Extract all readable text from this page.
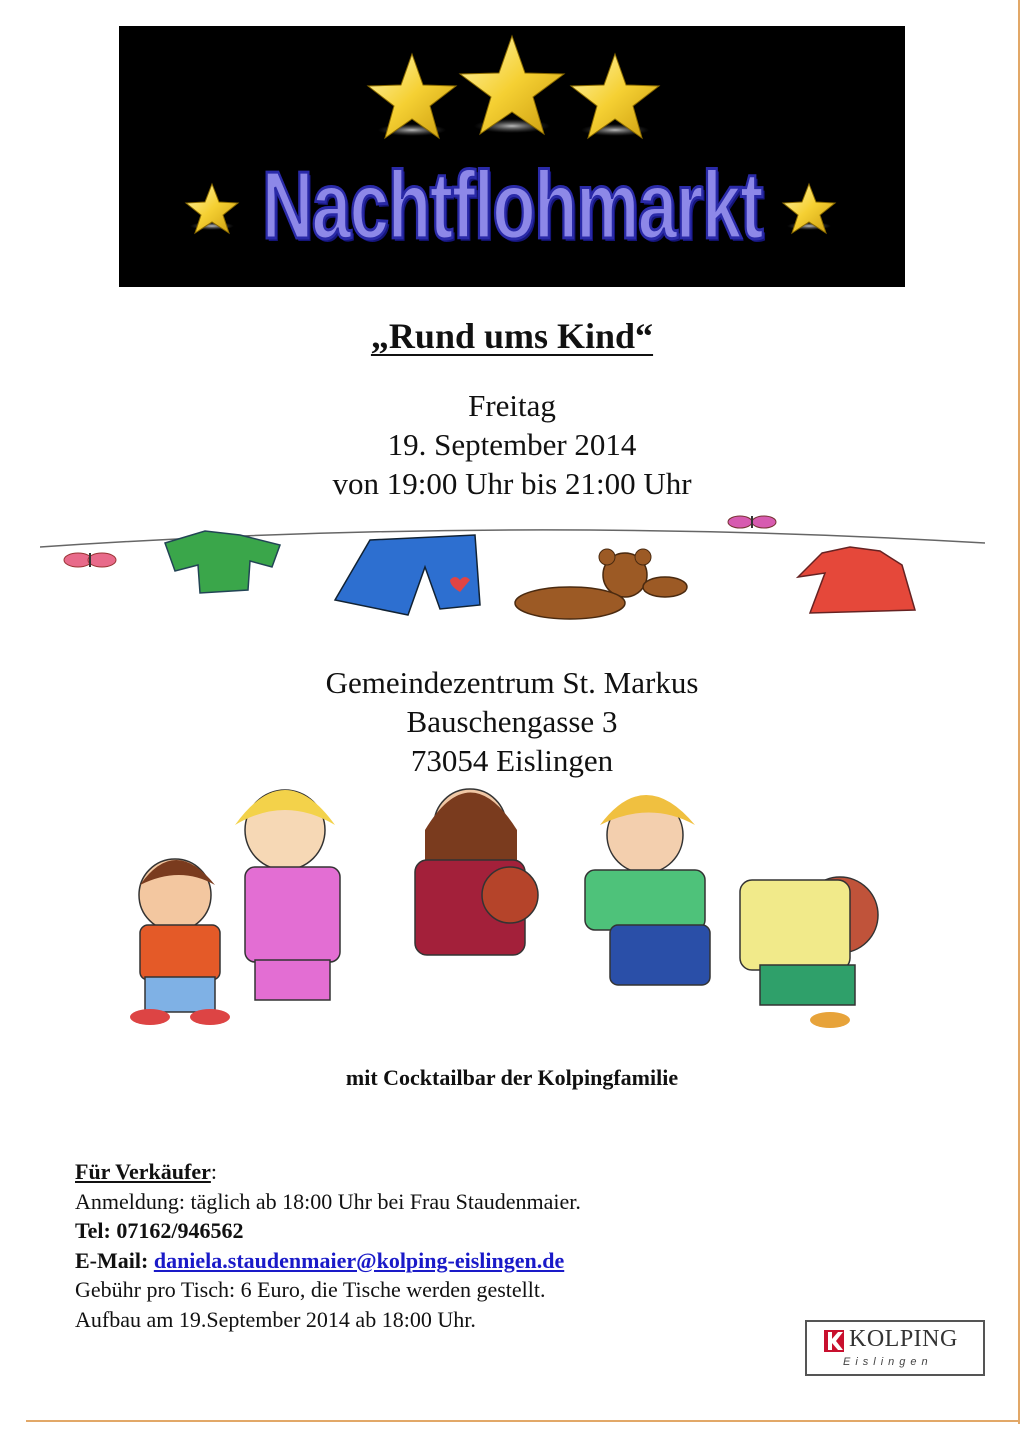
Nachtflohmarkt
„Rund ums Kind“
Freitag
19. September 2014
von 19:00 Uhr bis 21:00 Uhr
Gemeindezentrum St. Markus
Bauschengasse 3
73054 Eislingen
mit Cocktailbar der Kolpingfamilie
Für Verkäufer:
Anmeldung: täglich ab 18:00 Uhr bei Frau Staudenmaier.
Tel: 07162/946562
E-Mail: daniela.staudenmaier@kolping-eislingen.de
Gebühr pro Tisch: 6 Euro, die Tische werden gestellt.
Aufbau am 19.September 2014 ab 18:00 Uhr.
KOLPING
Eislingen
